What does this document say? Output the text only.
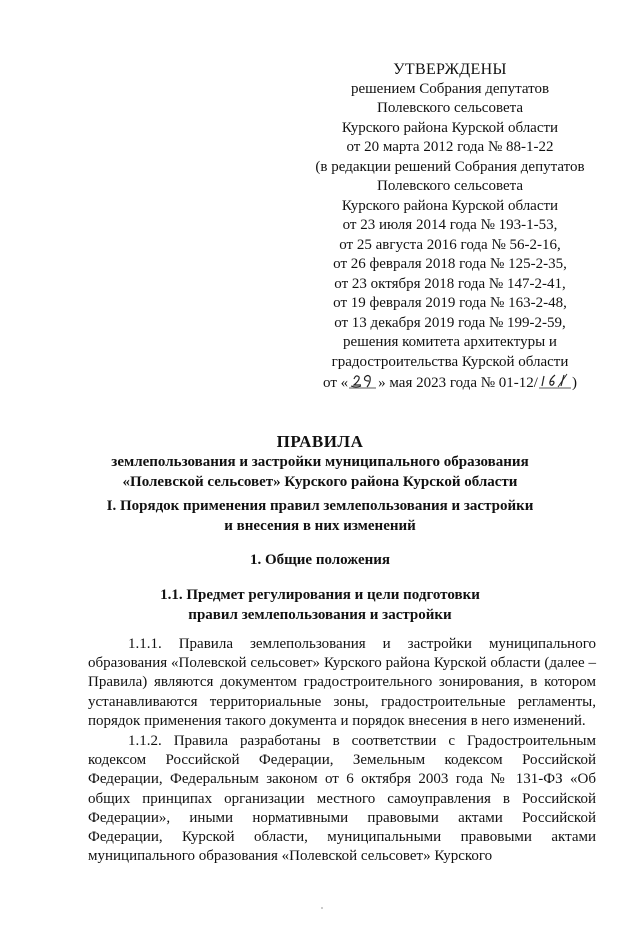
УТВЕРЖДЕНЫ
решением Собрания депутатов
Полевского сельсовета
Курского района Курской области
от 20 марта 2012 года № 88-1-22
(в редакции решений Собрания депутатов
Полевского сельсовета
Курского района Курской области
от 23 июля 2014 года № 193-1-53,
от 25 августа 2016 года № 56-2-16,
от 26 февраля 2018 года № 125-2-35,
от 23 октября 2018 года № 147-2-41,
от 19 февраля 2019 года № 163-2-48,
от 13 декабря 2019 года № 199-2-59,
решения комитета архитектуры и
градостроительства Курской области
от « » мая 2023 года № 01-12/ )
ПРАВИЛА
землепользования и застройки муниципального образования
«Полевской сельсовет» Курского района Курской области
I. Порядок применения правил землепользования и застройки
и внесения в них изменений
1. Общие положения
1.1. Предмет регулирования и цели подготовки
правил землепользования и застройки

1.1.1. Правила землепользования и застройки муниципального образования «Полевской сельсовет» Курского района Курской области (далее – Правила) являются документом градостроительного зонирования, в котором устанавливаются территориальные зоны, градостроительные регламенты, порядок применения такого документа и порядок внесения в него изменений.

1.1.2. Правила разработаны в соответствии с Градостроительным кодексом Российской Федерации, Земельным кодексом Российской Федерации, Федеральным законом от 6 октября 2003 года № 131-ФЗ «Об общих принципах организации местного самоуправления в Российской Федерации», иными нормативными правовыми актами Российской Федерации, Курской области, муниципальными правовыми актами муниципального образования «Полевской сельсовет» Курского
